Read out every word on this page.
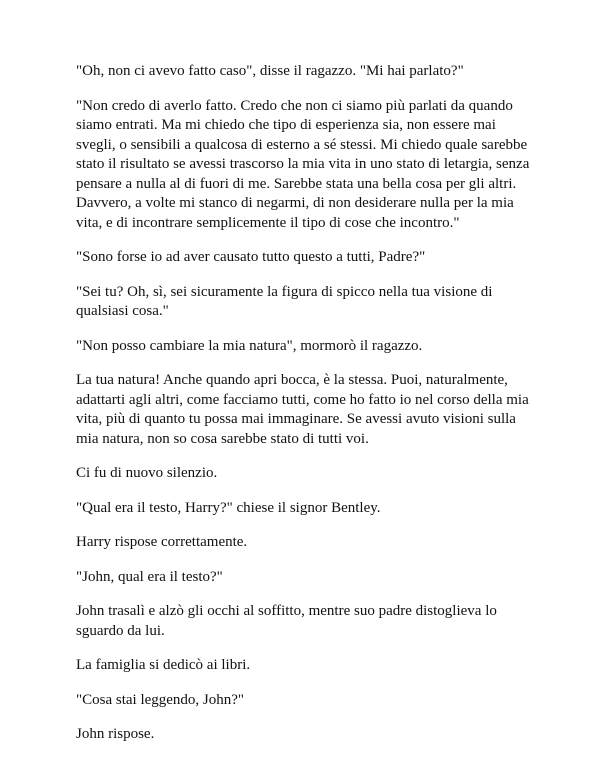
"Oh, non ci avevo fatto caso", disse il ragazzo. "Mi hai parlato?"

"Non credo di averlo fatto. Credo che non ci siamo più parlati da quando siamo entrati. Ma mi chiedo che tipo di esperienza sia, non essere mai svegli, o sensibili a qualcosa di esterno a sé stessi. Mi chiedo quale sarebbe stato il risultato se avessi trascorso la mia vita in uno stato di letargia, senza pensare a nulla al di fuori di me. Sarebbe stata una bella cosa per gli altri. Davvero, a volte mi stanco di negarmi, di non desiderare nulla per la mia vita, e di incontrare semplicemente il tipo di cose che incontro."

"Sono forse io ad aver causato tutto questo a tutti, Padre?"

"Sei tu? Oh, sì, sei sicuramente la figura di spicco nella tua visione di qualsiasi cosa."

"Non posso cambiare la mia natura", mormorò il ragazzo.

La tua natura! Anche quando apri bocca, è la stessa. Puoi, naturalmente, adattarti agli altri, come facciamo tutti, come ho fatto io nel corso della mia vita, più di quanto tu possa mai immaginare. Se avessi avuto visioni sulla mia natura, non so cosa sarebbe stato di tutti voi.

Ci fu di nuovo silenzio.

"Qual era il testo, Harry?" chiese il signor Bentley.

Harry rispose correttamente.

"John, qual era il testo?"

John trasalì e alzò gli occhi al soffitto, mentre suo padre distoglieva lo sguardo da lui.

La famiglia si dedicò ai libri.

"Cosa stai leggendo, John?"

John rispose.
